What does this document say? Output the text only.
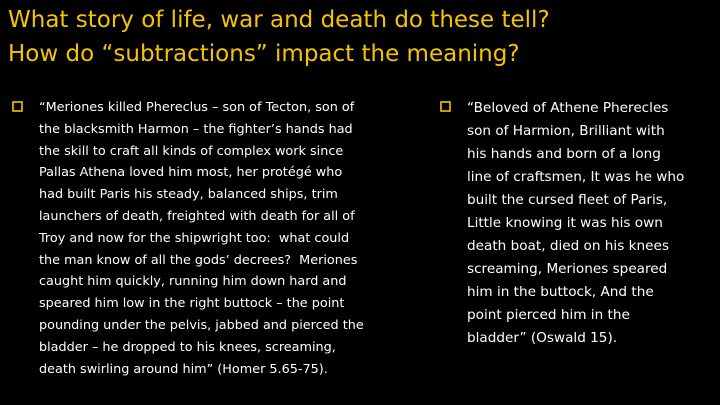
What story of life, war and death do these tell?
How do “subtractions” impact the meaning?

“Meriones killed Phereclus – son of Tecton, son of
the blacksmith Harmon – the fighter’s hands had
the skill to craft all kinds of complex work since
Pallas Athena loved him most, her protégé who
had built Paris his steady, balanced ships, trim
launchers of death, freighted with death for all of
Troy and now for the shipwright too:  what could
the man know of all the gods’ decrees?  Meriones
caught him quickly, running him down hard and
speared him low in the right buttock – the point
pounding under the pelvis, jabbed and pierced the
bladder – he dropped to his knees, screaming,
death swirling around him” (Homer 5.65-75).

“Beloved of Athene Pherecles
son of Harmion, Brilliant with
his hands and born of a long
line of craftsmen, It was he who
built the cursed fleet of Paris,
Little knowing it was his own
death boat, died on his knees
screaming, Meriones speared
him in the buttock, And the
point pierced him in the
bladder” (Oswald 15).
